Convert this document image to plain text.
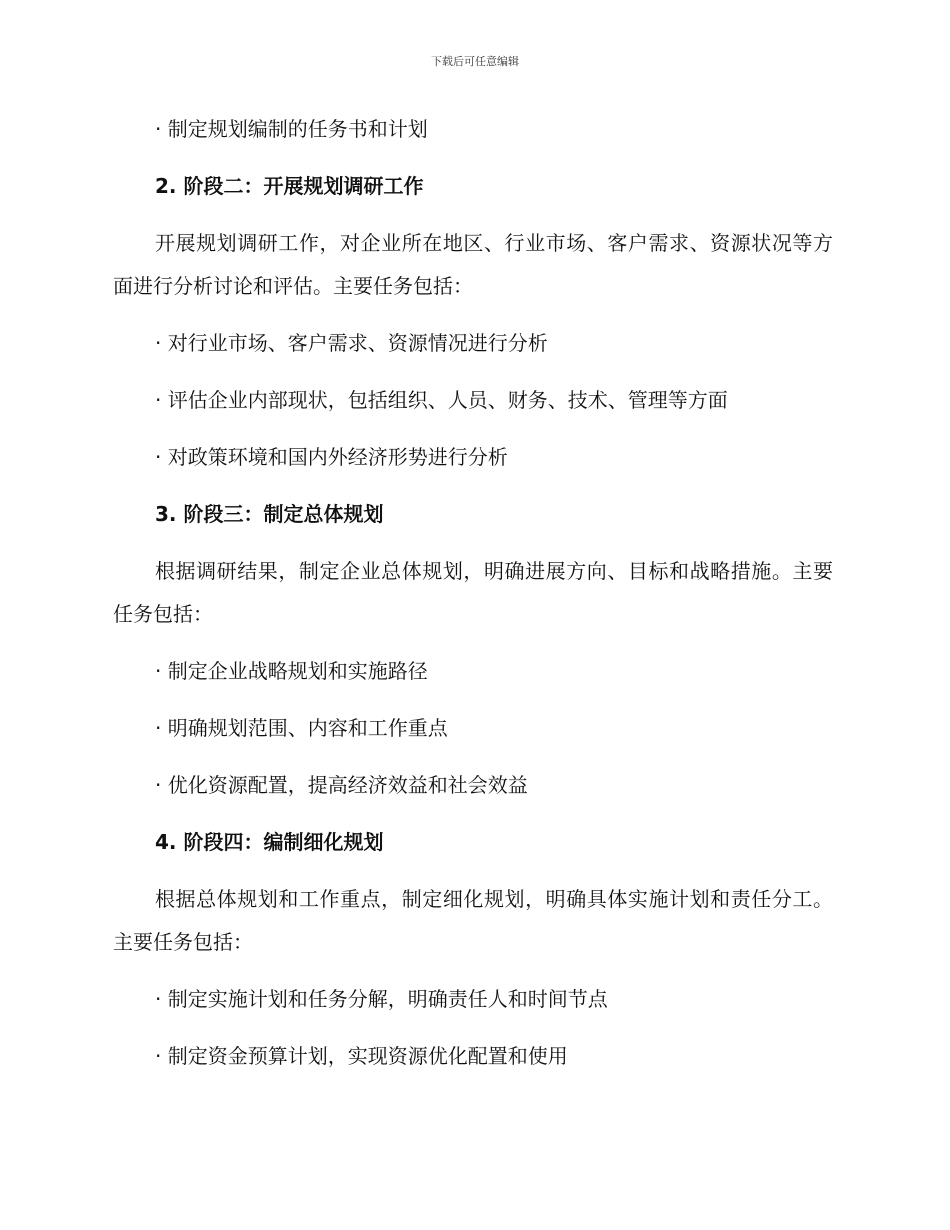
下载后可任意编辑

· 制定规划编制的任务书和计划

2. 阶段二：开展规划调研工作

开展规划调研工作，对企业所在地区、行业市场、客户需求、资源状况等方面进行分析讨论和评估。主要任务包括：

· 对行业市场、客户需求、资源情况进行分析

· 评估企业内部现状，包括组织、人员、财务、技术、管理等方面

· 对政策环境和国内外经济形势进行分析

3. 阶段三：制定总体规划

根据调研结果，制定企业总体规划，明确进展方向、目标和战略措施。主要任务包括：

· 制定企业战略规划和实施路径

· 明确规划范围、内容和工作重点

· 优化资源配置，提高经济效益和社会效益

4. 阶段四：编制细化规划

根据总体规划和工作重点，制定细化规划，明确具体实施计划和责任分工。主要任务包括：

· 制定实施计划和任务分解，明确责任人和时间节点

· 制定资金预算计划，实现资源优化配置和使用
